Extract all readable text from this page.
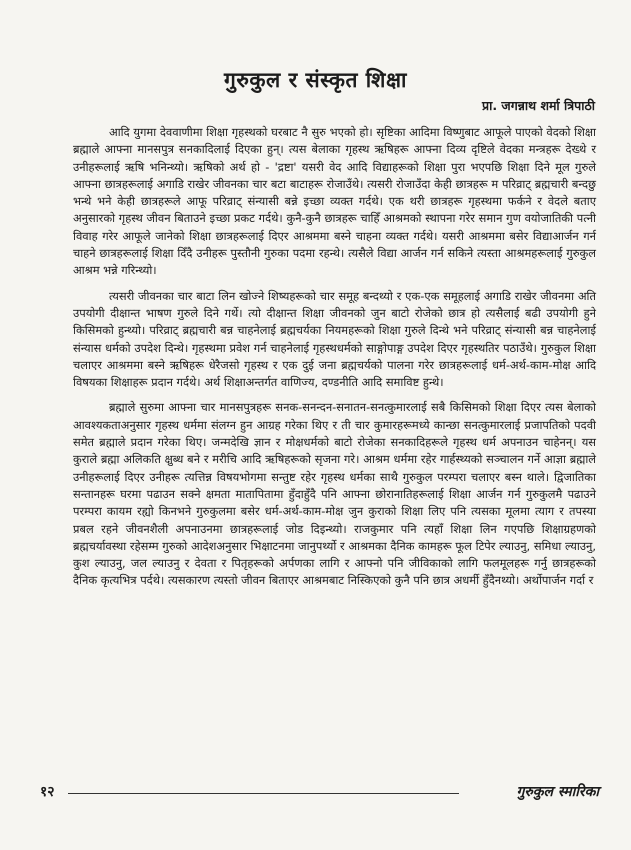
गुरुकुल र संस्कृत शिक्षा
प्रा. जगन्नाथ शर्मा त्रिपाठी

आदि युगमा देववाणीमा शिक्षा गृहस्थको घरबाट नै सुरु भएको हो। सृष्टिका आदिमा विष्णुबाट आफूले पाएको वेदको शिक्षा ब्रह्माले आफ्ना मानसपुत्र सनकादिलाई दिएका हुन्। त्यस बेलाका गृहस्थ ऋषिहरू आफ्ना दिव्य दृष्टिले वेदका मन्त्रहरू देख्थे र उनीहरूलाई ऋषि भनिन्थ्यो। ऋषिको अर्थ हो - 'द्रष्टा' यसरी वेद आदि विद्याहरूको शिक्षा पुरा भएपछि शिक्षा दिने मूल गुरुले आफ्ना छात्रहरूलाई अगाडि राखेर जीवनका चार बटा बाटाहरू रोजाउँथे। त्यसरी रोजाउँदा केही छात्रहरू म परिव्राट् ब्रह्मचारी बन्दछु भन्थे भने केही छात्रहरूले आफू परिव्राट् संन्यासी बन्ने इच्छा व्यक्त गर्दथे। एक थरी छात्रहरू गृहस्थमा फर्कने र वेदले बताए अनुसारको गृहस्थ जीवन बिताउने इच्छा प्रकट गर्दथे। कुनै-कुनै छात्रहरू चाहिँ आश्रमको स्थापना गरेर समान गुण वयोजातिकी पत्नी विवाह गरेर आफूले जानेको शिक्षा छात्रहरूलाई दिएर आश्रममा बस्ने चाहना व्यक्त गर्दथे। यसरी आश्रममा बसेर विद्याआर्जन गर्न चाहने छात्रहरूलाई शिक्षा दिँदै उनीहरू पुस्तौनी गुरुका पदमा रहन्थे। त्यसैले विद्या आर्जन गर्न सकिने त्यस्ता आश्रमहरूलाई गुरुकुल आश्रम भन्ने गरिन्थ्यो।

त्यसरी जीवनका चार बाटा लिन खोज्ने शिष्यहरूको चार समूह बन्दथ्यो र एक-एक समूहलाई अगाडि राखेर जीवनमा अति उपयोगी दीक्षान्त भाषण गुरुले दिने गर्थे। त्यो दीक्षान्त शिक्षा जीवनको जुन बाटो रोजेको छात्र हो त्यसैलाई बढी उपयोगी हुने किसिमको हुन्थ्यो। परिव्राट् ब्रह्मचारी बन्न चाहनेलाई ब्रह्मचर्यका नियमहरूको शिक्षा गुरुले दिन्थे भने परिव्राट् संन्यासी बन्न चाहनेलाई संन्यास धर्मको उपदेश दिन्थे। गृहस्थमा प्रवेश गर्न चाहनेलाई गृहस्थधर्मको साङ्गोपाङ्ग उपदेश दिएर गृहस्थतिर पठाउँथे। गुरुकुल शिक्षा चलाएर आश्रममा बस्ने ऋषिहरू धेरैजसो गृहस्थ र एक दुई जना ब्रह्मचर्यको पालना गरेर छात्रहरूलाई धर्म-अर्थ-काम-मोक्ष आदि विषयका शिक्षाहरू प्रदान गर्दथे। अर्थ शिक्षाअन्तर्गत वाणिज्य, दण्डनीति आदि समाविष्ट हुन्थे।

ब्रह्माले सुरुमा आफ्ना चार मानसपुत्रहरू सनक-सनन्दन-सनातन-सनत्कुमारलाई सबै किसिमको शिक्षा दिएर त्यस बेलाको आवश्यकताअनुसार गृहस्थ धर्ममा संलग्न हुन आग्रह गरेका थिए र ती चार कुमारहरूमध्ये कान्छा सनत्कुमारलाई प्रजापतिको पदवी समेत ब्रह्माले प्रदान गरेका थिए। जन्मदेखि ज्ञान र मोक्षधर्मको बाटो रोजेका सनकादिहरूले गृहस्थ धर्म अपनाउन चाहेनन्। यस कुराले ब्रह्मा अलिकति क्षुब्ध बने र मरीचि आदि ऋषिहरूको सृजना गरे। आश्रम धर्ममा रहेर गार्हस्थ्यको सञ्चालन गर्ने आज्ञा ब्रह्माले उनीहरूलाई दिएर उनीहरू त्यत्तिन्न विषयभोगमा सन्तुष्ट रहेर गृहस्थ धर्मका साथै गुरुकुल परम्परा चलाएर बस्न थाले। द्विजातिका सन्तानहरू घरमा पढाउन सक्ने क्षमता मातापितामा हुँदाहुँदै पनि आफ्ना छोरानातिहरूलाई शिक्षा आर्जन गर्न गुरुकुलमै पढाउने परम्परा कायम रह्यो किनभने गुरुकुलमा बसेर धर्म-अर्थ-काम-मोक्ष जुन कुराको शिक्षा लिए पनि त्यसका मूलमा त्याग र तपस्या प्रबल रहने जीवनशैली अपनाउनमा छात्रहरूलाई जोड दिइन्थ्यो। राजकुमार पनि त्यहाँ शिक्षा लिन गएपछि शिक्षाग्रहणको ब्रह्मचर्यावस्था रहेसम्म गुरुको आदेशअनुसार भिक्षाटनमा जानुपर्थ्यो र आश्रमका दैनिक कामहरू फूल टिपेर ल्याउनु, समिधा ल्याउनु, कुश ल्याउनु, जल ल्याउनु र देवता र पितृहरूको अर्पणका लागि र आफ्नो पनि जीविकाको लागि फलमूलहरू गर्नु छात्रहरूको दैनिक कृत्यभित्र पर्दथे। त्यसकारण त्यस्तो जीवन बिताएर आश्रमबाट निस्किएको कुनै पनि छात्र अधर्मी हुँदैनथ्यो। अर्थोपार्जन गर्दा र

१२	गुरुकुल स्मारिका
